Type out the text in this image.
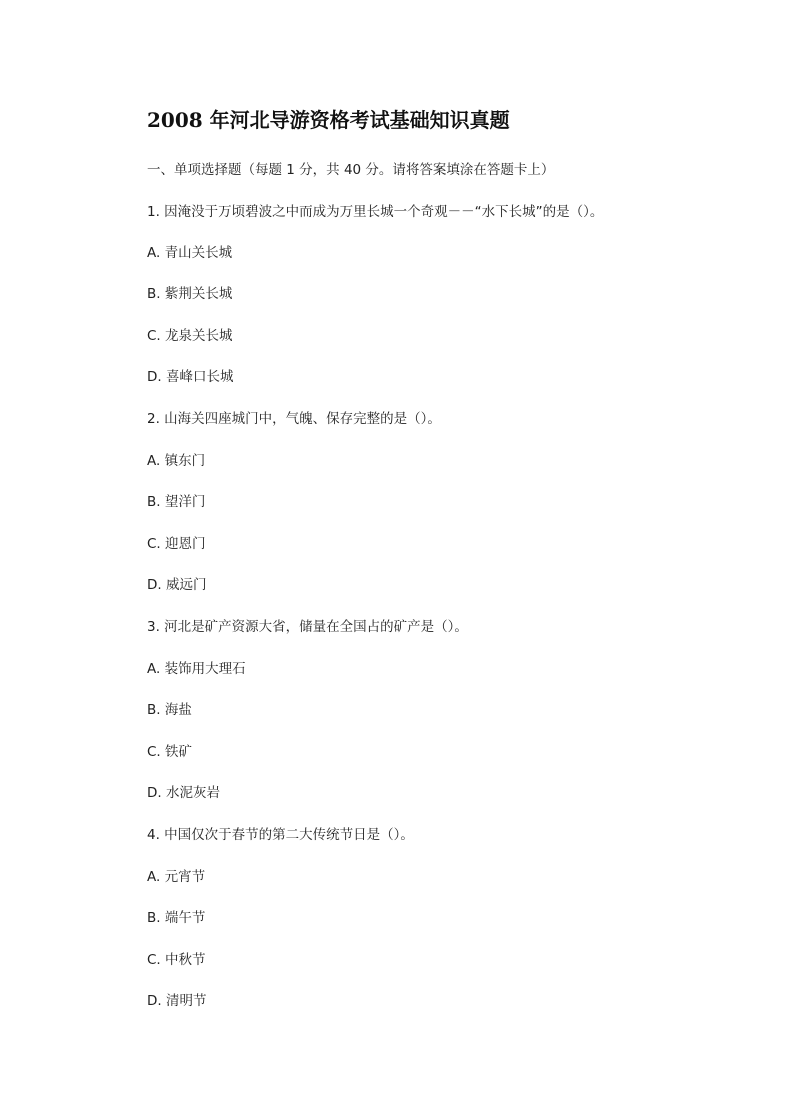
2008 年河北导游资格考试基础知识真题
一、单项选择题（每题 1 分，共 40 分。请将答案填涂在答题卡上）
1. 因淹没于万顷碧波之中而成为万里长城一个奇观－－“水下长城”的是（）。
A. 青山关长城
B. 紫荆关长城
C. 龙泉关长城
D. 喜峰口长城
2. 山海关四座城门中，气魄、保存完整的是（）。
A. 镇东门
B. 望洋门
C. 迎恩门
D. 威远门
3. 河北是矿产资源大省，储量在全国占的矿产是（）。
A. 装饰用大理石
B. 海盐
C. 铁矿
D. 水泥灰岩
4. 中国仅次于春节的第二大传统节日是（）。
A. 元宵节
B. 端午节
C. 中秋节
D. 清明节
